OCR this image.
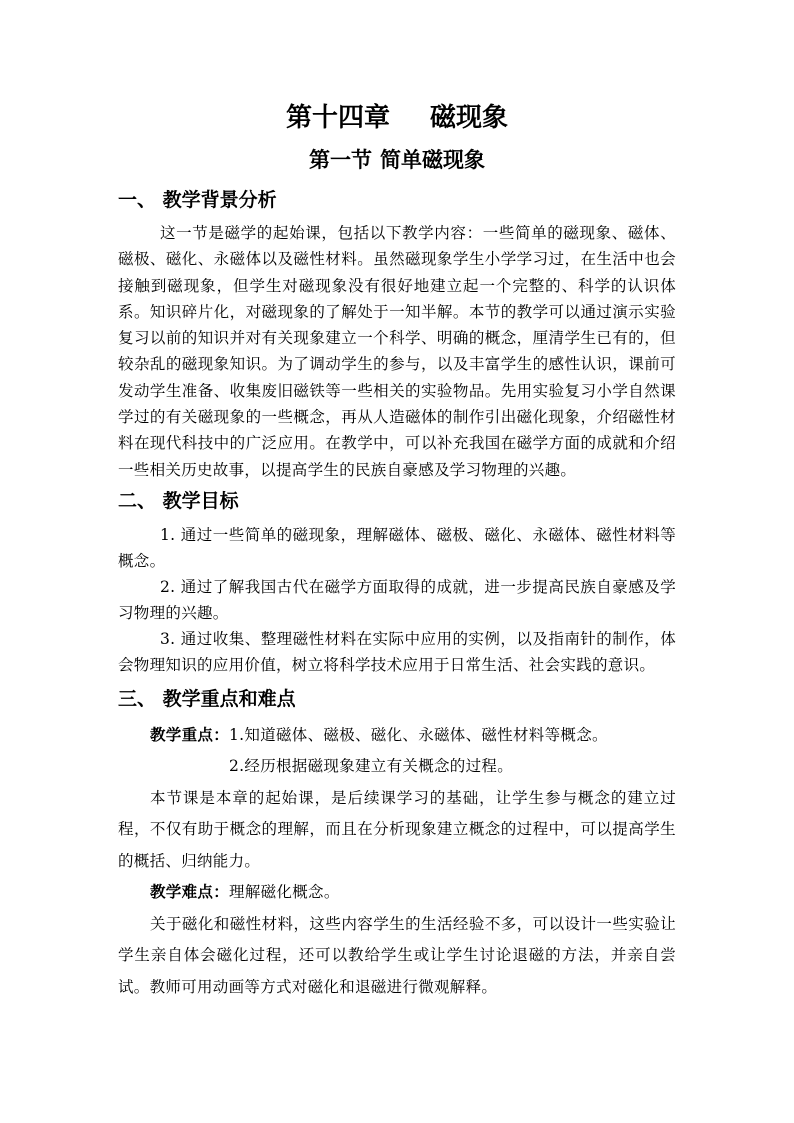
第十四章 磁现象
第一节 简单磁现象
一、 教学背景分析
这一节是磁学的起始课，包括以下教学内容：一些简单的磁现象、磁体、磁极、磁化、永磁体以及磁性材料。虽然磁现象学生小学学习过，在生活中也会接触到磁现象，但学生对磁现象没有很好地建立起一个完整的、科学的认识体系。知识碎片化，对磁现象的了解处于一知半解。本节的教学可以通过演示实验复习以前的知识并对有关现象建立一个科学、明确的概念，厘清学生已有的，但较杂乱的磁现象知识。为了调动学生的参与，以及丰富学生的感性认识，课前可发动学生准备、收集废旧磁铁等一些相关的实验物品。先用实验复习小学自然课学过的有关磁现象的一些概念，再从人造磁体的制作引出磁化现象，介绍磁性材料在现代科技中的广泛应用。在教学中，可以补充我国在磁学方面的成就和介绍一些相关历史故事，以提高学生的民族自豪感及学习物理的兴趣。
二、 教学目标
1. 通过一些简单的磁现象，理解磁体、磁极、磁化、永磁体、磁性材料等概念。
2. 通过了解我国古代在磁学方面取得的成就，进一步提高民族自豪感及学习物理的兴趣。
3. 通过收集、整理磁性材料在实际中应用的实例，以及指南针的制作，体会物理知识的应用价值，树立将科学技术应用于日常生活、社会实践的意识。
三、 教学重点和难点
教学重点： 1.知道磁体、磁极、磁化、永磁体、磁性材料等概念。
2.经历根据磁现象建立有关概念的过程。
本节课是本章的起始课，是后续课学习的基础，让学生参与概念的建立过程，不仅有助于概念的理解，而且在分析现象建立概念的过程中，可以提高学生的概括、归纳能力。
教学难点：理解磁化概念。
关于磁化和磁性材料，这些内容学生的生活经验不多，可以设计一些实验让学生亲自体会磁化过程，还可以教给学生或让学生讨论退磁的方法，并亲自尝试。教师可用动画等方式对磁化和退磁进行微观解释。
